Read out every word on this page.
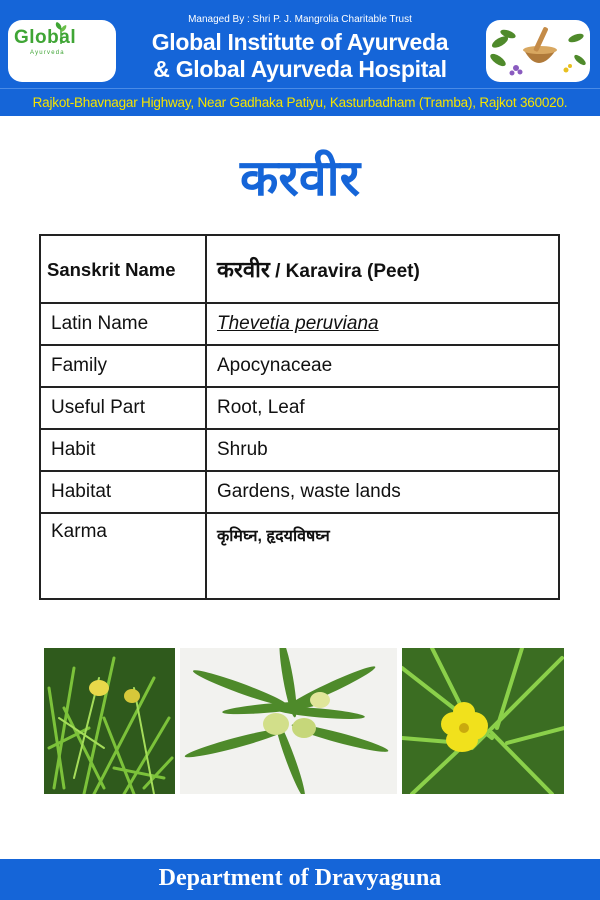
Global
Ayurveda
Managed By : Shri P. J. Mangrolia Charitable Trust
Global Institute of Ayurveda
& Global Ayurveda Hospital
Rajkot-Bhavnagar Highway, Near Gadhaka Patiyu, Kasturbadham (Tramba), Rajkot 360020.
करवीर
Sanskrit Name	करवीर / Karavira (Peet)
Latin Name	Thevetia peruviana
Family	Apocynaceae
Useful Part	Root, Leaf
Habit	Shrub
Habitat	Gardens, waste lands
Karma	कृमिघ्न, हृदयविषघ्न
Department of Dravyaguna
